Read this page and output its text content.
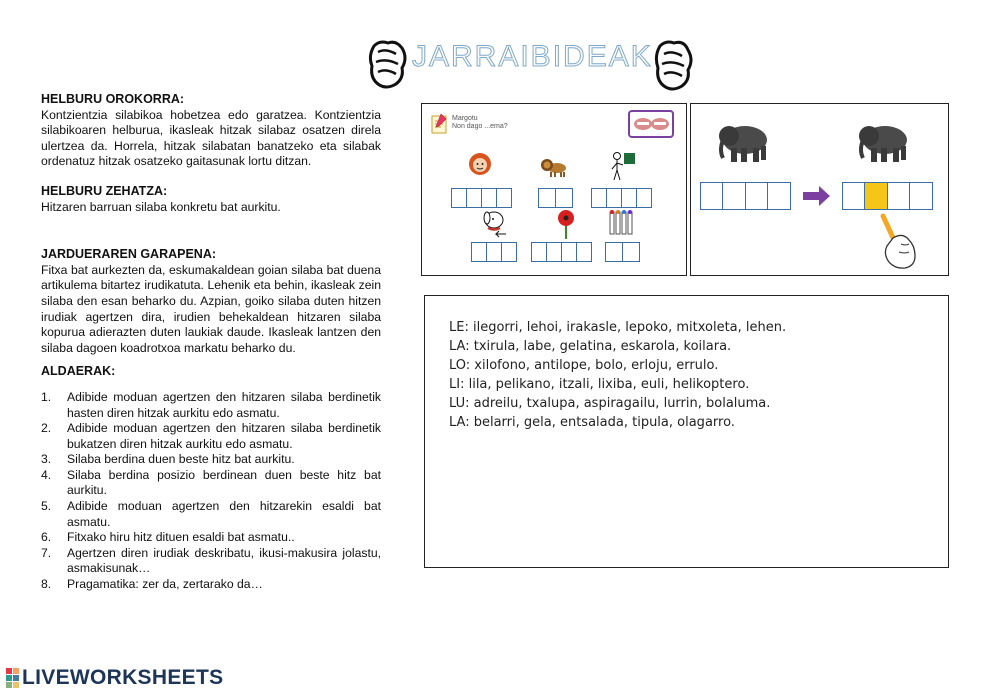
JARRAIBIDEAK
HELBURU OROKORRA:

Kontzientzia silabikoa hobetzea edo garatzea. Kontzientzia silabikoaren helburua, ikasleak hitzak silabaz osatzen direla ulertzea da. Horrela, hitzak silabatan banatzeko eta silabak ordenatuz hitzak osatzeko gaitasunak lortu ditzan.

HELBURU ZEHATZA:

Hitzaren barruan silaba konkretu bat aurkitu.

JARDUERAREN GARAPENA:

Fitxa bat aurkezten da, eskumakaldean goian silaba bat duena artikulema bitartez irudikatuta. Lehenik eta behin, ikasleak zein silaba den esan beharko du. Azpian, goiko silaba duten hitzen irudiak agertzen dira, irudien behekaldean hitzaren silaba kopurua adierazten duten laukiak daude. Ikasleak lantzen den silaba dagoen koadrotxoa markatu beharko du.

ALDAERAK:
1. Adibide moduan agertzen den hitzaren silaba berdinetik hasten diren hitzak aurkitu edo asmatu.
2. Adibide moduan agertzen den hitzaren silaba berdinetik bukatzen diren hitzak aurkitu edo asmatu.
3. Silaba berdina duen beste hitz bat aurkitu.
4. Silaba berdina posizio berdinean duen beste hitz bat aurkitu.
5. Adibide moduan agertzen den hitzarekin esaldi bat asmatu.
6. Fitxako hiru hitz dituen esaldi bat asmatu..
7. Agertzen diren irudiak deskribatu, ikusi-makusira jolastu, asmakisunak…
8. Pragamatika: zer da, zertarako da…
Margotu
Non dago ...ema?
LE: ilegorri, lehoi, irakasle, lepoko, mitxoleta, lehen.
LA: txirula, labe, gelatina, eskarola, koilara.
LO: xilofono, antilope, bolo, erloju, errulo.
LI: lila, pelikano, itzali, lixiba, euli, helikoptero.
LU: adreilu, txalupa, aspiragailu, lurrin, bolaluma.
LA: belarri, gela, entsalada, tipula, olagarro.
LIVEWORKSHEETS
